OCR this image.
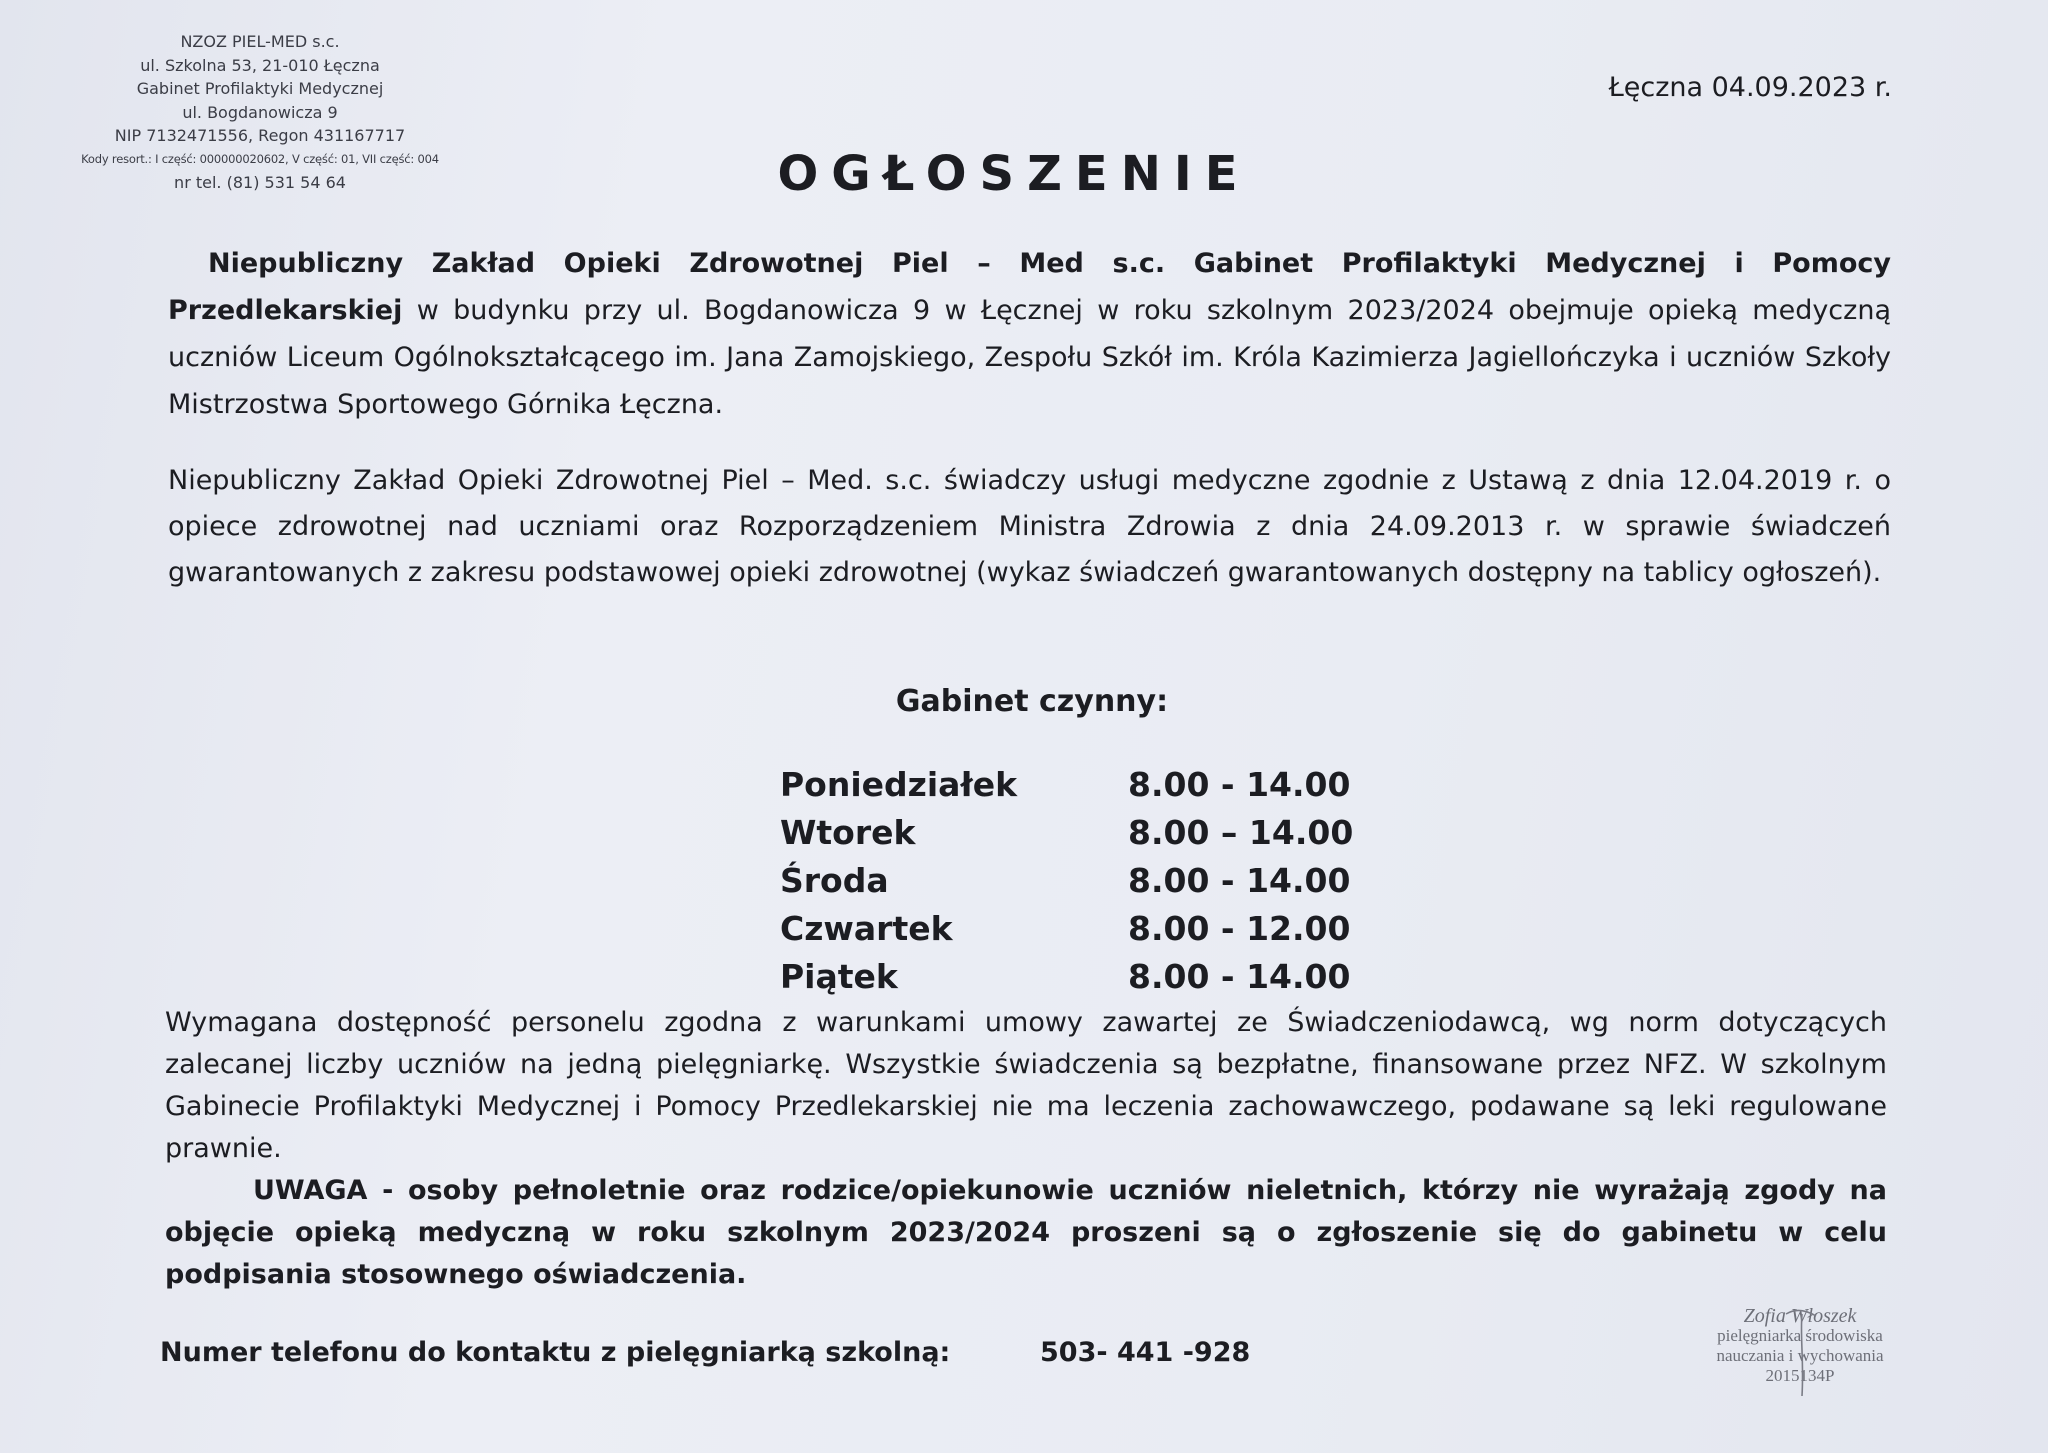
NZOZ PIEL-MED s.c.
ul. Szkolna 53, 21-010 Łęczna
Gabinet Profilaktyki Medycznej
ul. Bogdanowicza 9
NIP 7132471556, Regon 431167717
Kody resort.: I część: 000000020602, V część: 01, VII część: 004
nr tel. (81) 531 54 64
Łęczna 04.09.2023 r.
OGŁOSZENIE
Niepubliczny Zakład Opieki Zdrowotnej Piel – Med s.c. Gabinet Profilaktyki Medycznej i Pomocy Przedlekarskiej w budynku przy ul. Bogdanowicza 9 w Łęcznej w roku szkolnym 2023/2024 obejmuje opieką medyczną uczniów Liceum Ogólnokształcącego im. Jana Zamojskiego, Zespołu Szkół im. Króla Kazimierza Jagiellończyka i uczniów Szkoły Mistrzostwa Sportowego Górnika Łęczna.
Niepubliczny Zakład Opieki Zdrowotnej Piel – Med. s.c. świadczy usługi medyczne zgodnie z Ustawą z dnia 12.04.2019 r. o opiece zdrowotnej nad uczniami oraz Rozporządzeniem Ministra Zdrowia z dnia 24.09.2013 r. w sprawie świadczeń gwarantowanych z zakresu podstawowej opieki zdrowotnej (wykaz świadczeń gwarantowanych dostępny na tablicy ogłoszeń).
Gabinet czynny:
Poniedziałek	8.00 - 14.00
Wtorek	8.00 – 14.00
Środa	8.00 - 14.00
Czwartek	8.00 - 12.00
Piątek	8.00 - 14.00
Wymagana dostępność personelu zgodna z warunkami umowy zawartej ze Świadczeniodawcą, wg norm dotyczących zalecanej liczby uczniów na jedną pielęgniarkę. Wszystkie świadczenia są bezpłatne, finansowane przez NFZ. W szkolnym Gabinecie Profilaktyki Medycznej i Pomocy Przedlekarskiej nie ma leczenia zachowawczego, podawane są leki regulowane prawnie.
UWAGA - osoby pełnoletnie oraz rodzice/opiekunowie uczniów nieletnich, którzy nie wyrażają zgody na objęcie opieką medyczną w roku szkolnym 2023/2024 proszeni są o zgłoszenie się do gabinetu w celu podpisania stosownego oświadczenia.
Numer telefonu do kontaktu z pielęgniarką szkolną:	503- 441 -928
Zofia Włoszek
pielęgniarka środowiska
nauczania i wychowania
2015134P
